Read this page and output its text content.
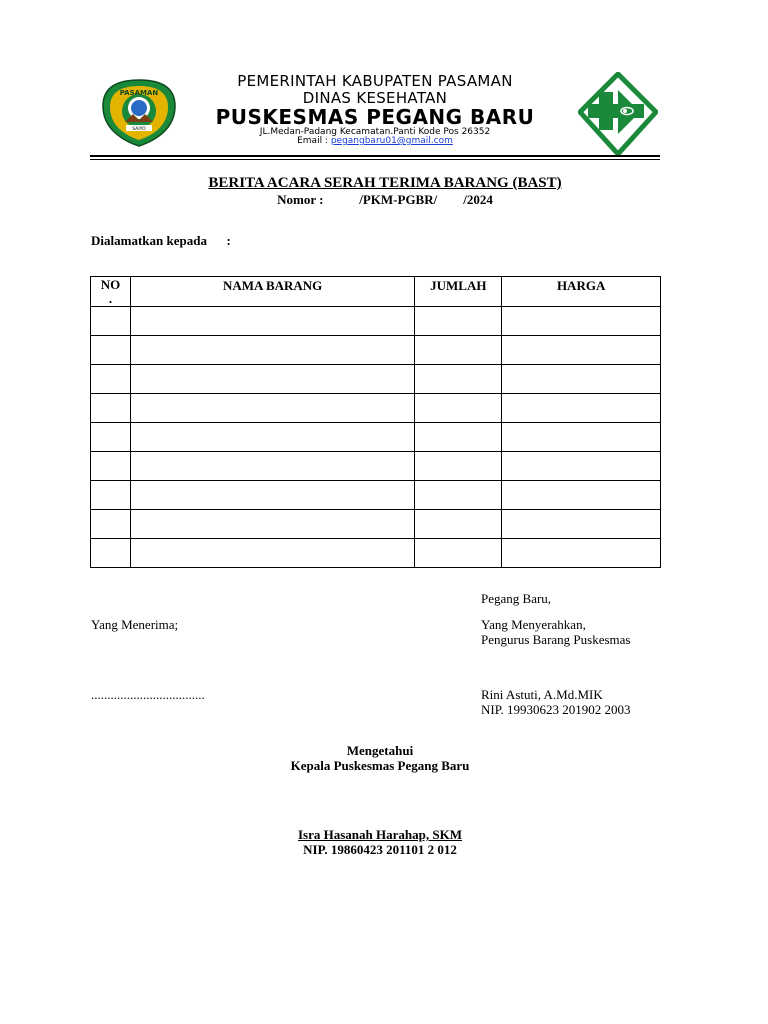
PASAMAN
SAIYO
PEMERINTAH KABUPATEN PASAMAN
DINAS KESEHATAN
PUSKESMAS PEGANG BARU
JL.Medan-Padang Kecamatan.Panti Kode Pos 26352
Email : pegangbaru01@gmail.com
BERITA ACARA SERAH TERIMA BARANG (BAST)
Nomor :           /PKM-PGBR/        /2024
Dialamatkan kepada      :
NO
.	NAMA BARANG	JUMLAH	HARGA

Pegang Baru,
Yang Menerima;	Yang Menyerahkan,
Pengurus Barang Puskesmas
...................................	Rini Astuti, A.Md.MIK
NIP. 19930623 201902 2003
Mengetahui
Kepala Puskesmas Pegang Baru
Isra Hasanah Harahap, SKM
NIP. 19860423 201101 2 012
